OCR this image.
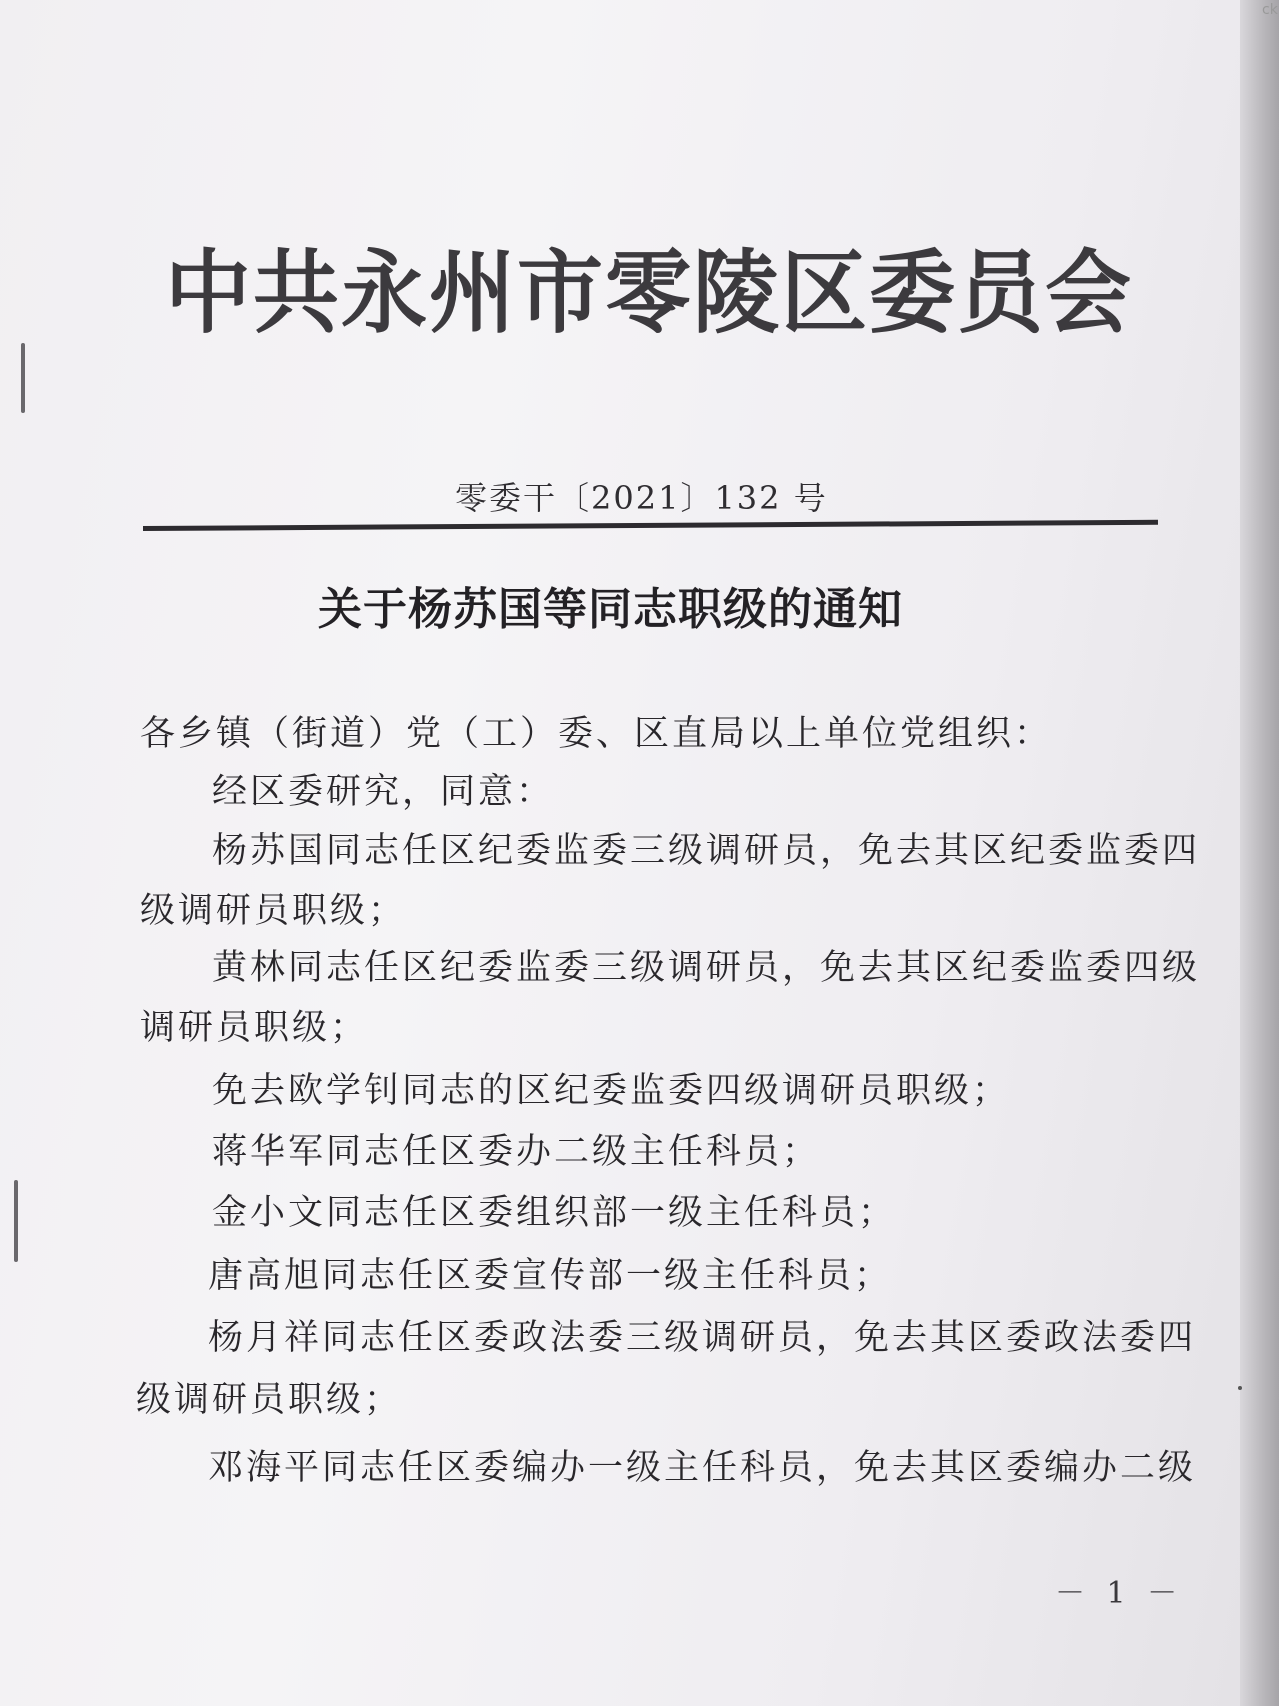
ck
中共永州市零陵区委员会
零委干〔2021〕132 号
关于杨苏国等同志职级的通知
各乡镇（街道）党（工）委、区直局以上单位党组织：
经区委研究，同意：
杨苏国同志任区纪委监委三级调研员，免去其区纪委监委四
级调研员职级；
黄林同志任区纪委监委三级调研员，免去其区纪委监委四级
调研员职级；
免去欧学钊同志的区纪委监委四级调研员职级；
蒋华军同志任区委办二级主任科员；
金小文同志任区委组织部一级主任科员；
唐高旭同志任区委宣传部一级主任科员；
杨月祥同志任区委政法委三级调研员，免去其区委政法委四
级调研员职级；
邓海平同志任区委编办一级主任科员，免去其区委编办二级
－ 1 －
